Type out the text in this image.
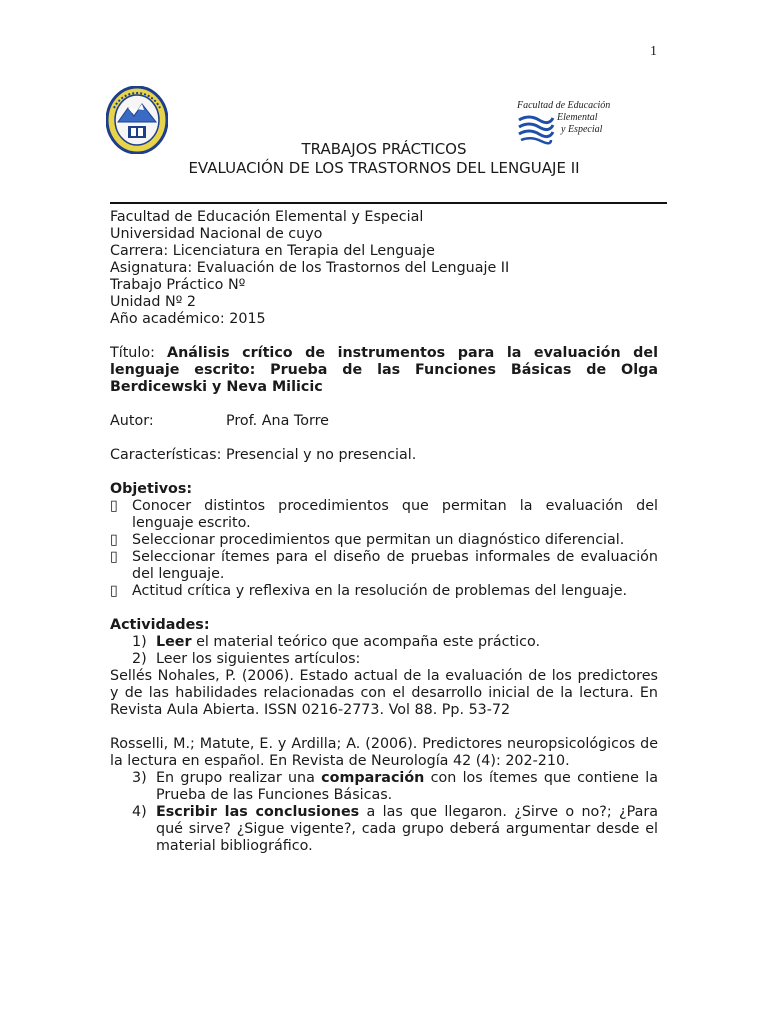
1
Facultad de Educación
Elemental
y Especial
TRABAJOS PRÁCTICOS
EVALUACIÓN DE LOS TRASTORNOS DEL LENGUAJE II

Facultad de Educación Elemental y Especial

Universidad Nacional de cuyo

Carrera: Licenciatura en Terapia del Lenguaje

Asignatura: Evaluación de los Trastornos del Lenguaje II

Trabajo Práctico Nº

Unidad Nº 2

Año académico: 2015

Título: Análisis crítico de instrumentos para la evaluación del lenguaje escrito: Prueba de las Funciones Básicas de Olga Berdicewski y Neva Milicic

Autor:	Prof. Ana Torre

Características: Presencial y no presencial.

Objetivos:

▯ Conocer distintos procedimientos que permitan la evaluación del lenguaje escrito.
▯ Seleccionar procedimientos que permitan un diagnóstico diferencial.
▯ Seleccionar ítemes para el diseño de pruebas informales de evaluación del lenguaje.
▯ Actitud crítica y reflexiva en la resolución de problemas del lenguaje.

Actividades:

1) Leer el material teórico que acompaña este práctico.
2) Leer los siguientes artículos:

Sellés Nohales, P. (2006). Estado actual de la evaluación de los predictores y de las habilidades relacionadas con el desarrollo inicial de la lectura. En Revista Aula Abierta. ISSN 0216-2773. Vol 88. Pp. 53-72

Rosselli, M.; Matute, E. y Ardilla; A. (2006). Predictores neuropsicológicos de la lectura en español. En Revista de Neurología 42 (4): 202-210.

3) En grupo realizar una comparación con los ítemes que contiene la Prueba de las Funciones Básicas.
4) Escribir las conclusiones a las que llegaron. ¿Sirve o no?; ¿Para qué sirve? ¿Sigue vigente?, cada grupo deberá argumentar desde el material bibliográfico.
